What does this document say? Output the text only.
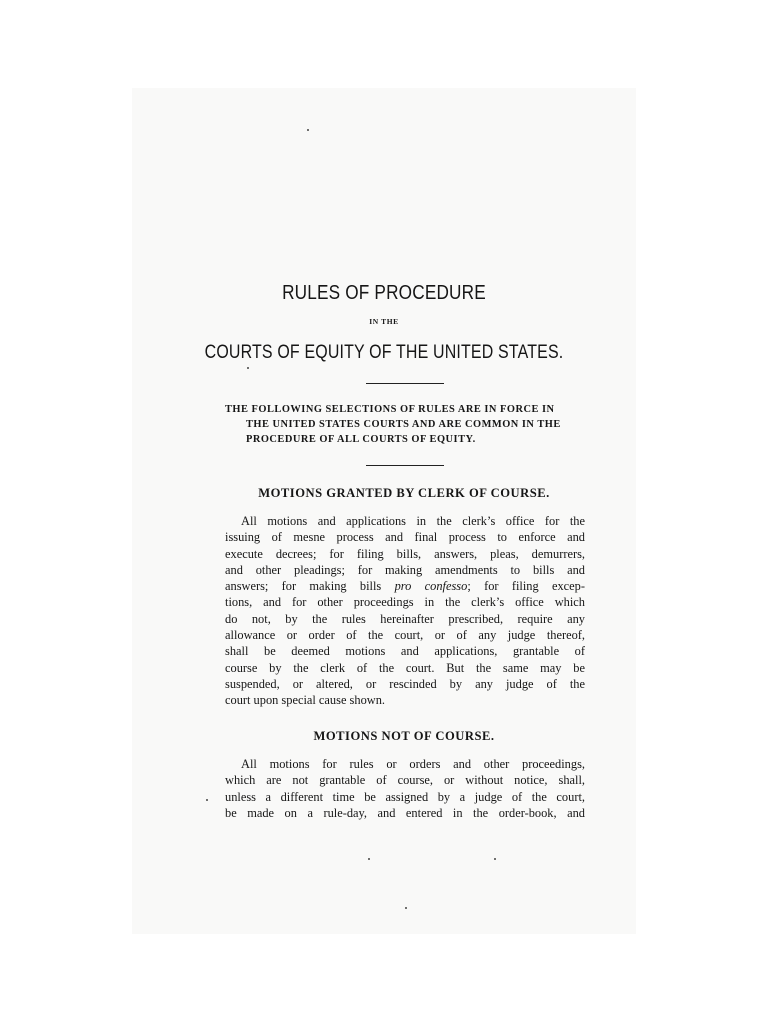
RULES OF PROCEDURE
IN THE
COURTS OF EQUITY OF THE UNITED STATES.
THE FOLLOWING SELECTIONS OF RULES ARE IN FORCE IN
THE UNITED STATES COURTS AND ARE COMMON IN THE
PROCEDURE OF ALL COURTS OF EQUITY.
MOTIONS GRANTED BY CLERK OF COURSE.
All motions and applications in the clerk’s office for the
issuing of mesne process and final process to enforce and
execute decrees; for filing bills, answers, pleas, demurrers,
and other pleadings; for making amendments to bills and
answers; for making bills pro confesso; for filing excep-
tions, and for other proceedings in the clerk’s office which
do not, by the rules hereinafter prescribed, require any
allowance or order of the court, or of any judge thereof,
shall be deemed motions and applications, grantable of
course by the clerk of the court. But the same may be
suspended, or altered, or rescinded by any judge of the
court upon special cause shown.
MOTIONS NOT OF COURSE.
All motions for rules or orders and other proceedings,
which are not grantable of course, or without notice, shall,
unless a different time be assigned by a judge of the court,
be made on a rule-day, and entered in the order-book, and
